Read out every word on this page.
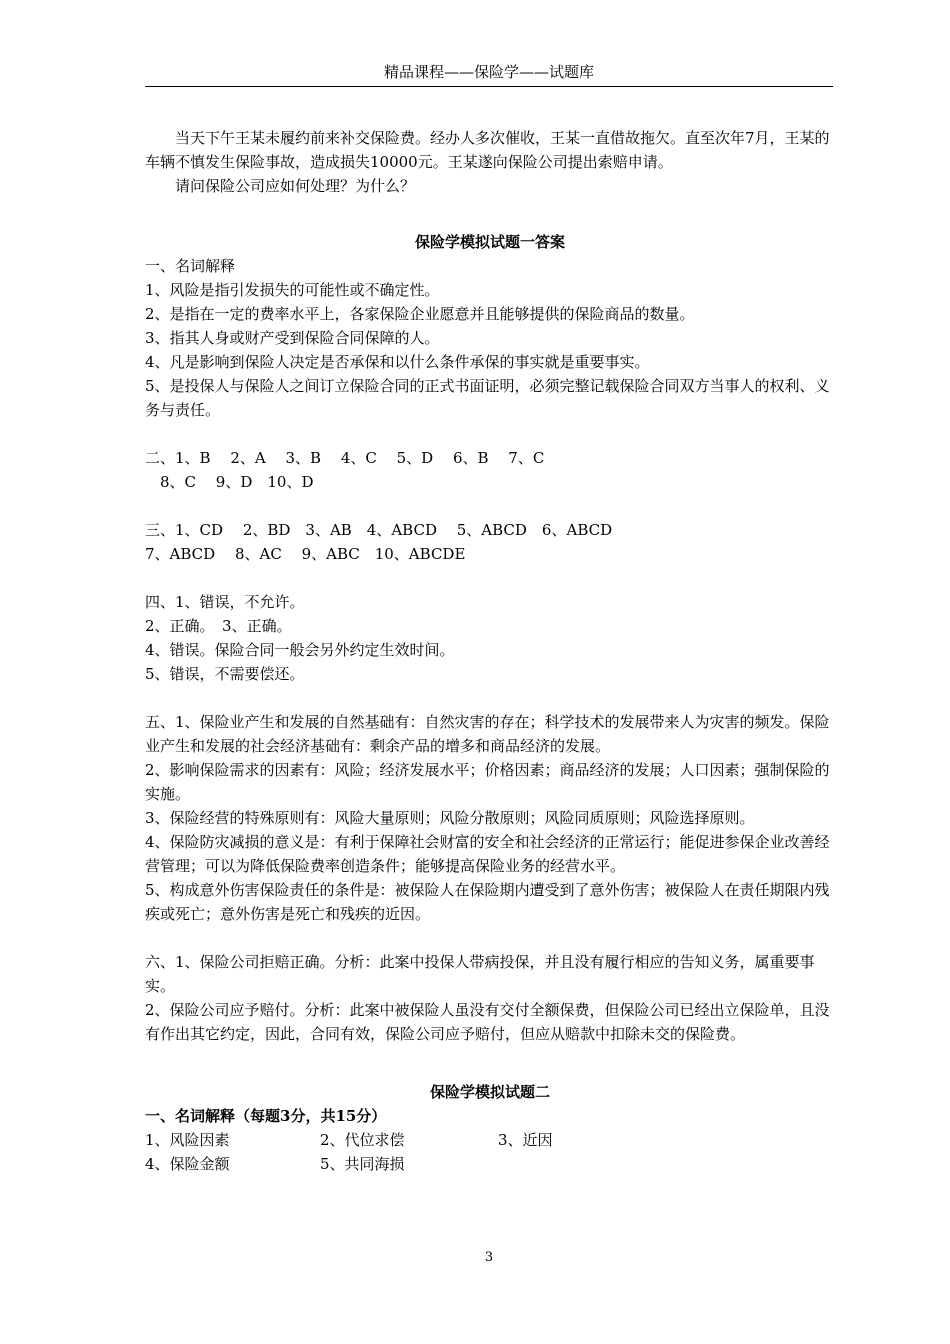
精品课程——保险学——试题库

当天下午王某未履约前来补交保险费。经办人多次催收，王某一直借故拖欠。直至次年7月，王某的车辆不慎发生保险事故，造成损失10000元。王某遂向保险公司提出索赔申请。

请问保险公司应如何处理？为什么？

保险学模拟试题一答案

一、名词解释

1、风险是指引发损失的可能性或不确定性。

2、是指在一定的费率水平上，各家保险企业愿意并且能够提供的保险商品的数量。

3、指其人身或财产受到保险合同保障的人。

4、凡是影响到保险人决定是否承保和以什么条件承保的事实就是重要事实。

5、是投保人与保险人之间订立保险合同的正式书面证明，必须完整记载保险合同双方当事人的权利、义务与责任。

二、1、B　 2、A　 3、B　 4、C　 5、D　 6、B　 7、C

　8、C　 9、D　10、D

三、1、CD　 2、BD　3、AB　4、ABCD　 5、ABCD　6、ABCD

7、ABCD　 8、AC　 9、ABC　10、ABCDE

四、1、错误，不允许。

2、正确。　3、正确。

4、错误。保险合同一般会另外约定生效时间。

5、错误，不需要偿还。

五、1、保险业产生和发展的自然基础有：自然灾害的存在；科学技术的发展带来人为灾害的频发。保险业产生和发展的社会经济基础有：剩余产品的增多和商品经济的发展。

2、影响保险需求的因素有：风险；经济发展水平；价格因素；商品经济的发展；人口因素；强制保险的实施。

3、保险经营的特殊原则有：风险大量原则；风险分散原则；风险同质原则；风险选择原则。

4、保险防灾减损的意义是：有利于保障社会财富的安全和社会经济的正常运行；能促进参保企业改善经营管理；可以为降低保险费率创造条件；能够提高保险业务的经营水平。

5、构成意外伤害保险责任的条件是：被保险人在保险期内遭受到了意外伤害；被保险人在责任期限内残疾或死亡；意外伤害是死亡和残疾的近因。

六、1、保险公司拒赔正确。分析：此案中投保人带病投保，并且没有履行相应的告知义务，属重要事实。

2、保险公司应予赔付。分析：此案中被保险人虽没有交付全额保费，但保险公司已经出立保险单，且没有作出其它约定，因此，合同有效，保险公司应予赔付，但应从赔款中扣除未交的保险费。

保险学模拟试题二

一、名词解释（每题3分，共15分）

1、风险因素	2、代位求偿	3、近因
4、保险金额	5、共同海损
3
